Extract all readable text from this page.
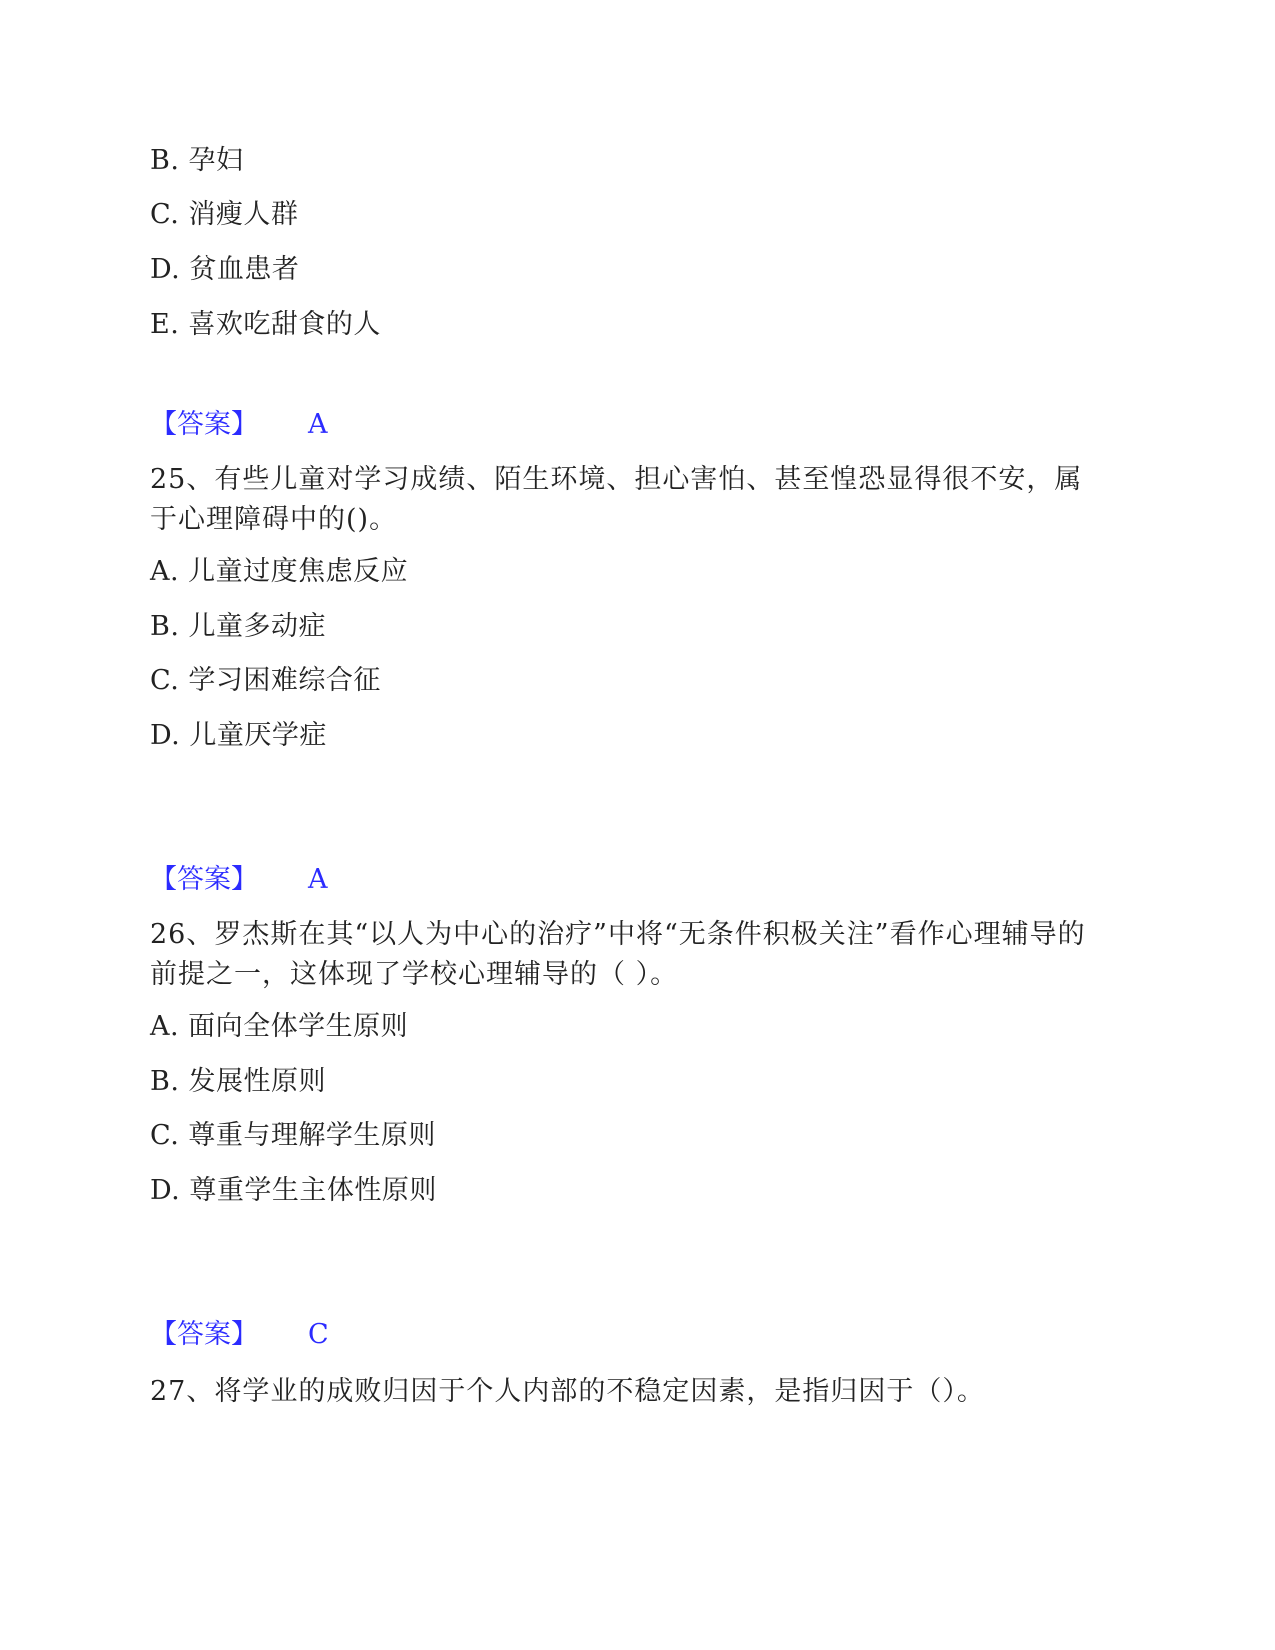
B. 孕妇
C. 消瘦人群
D. 贫血患者
E. 喜欢吃甜食的人
【答案】 A
25、有些儿童对学习成绩、陌生环境、担心害怕、甚至惶恐显得很不安，属于心理障碍中的()。
A. 儿童过度焦虑反应
B. 儿童多动症
C. 学习困难综合征
D. 儿童厌学症
【答案】 A
26、罗杰斯在其“以人为中心的治疗”中将“无条件积极关注”看作心理辅导的前提之一，这体现了学校心理辅导的（ ）。
A. 面向全体学生原则
B. 发展性原则
C. 尊重与理解学生原则
D. 尊重学生主体性原则
【答案】 C
27、将学业的成败归因于个人内部的不稳定因素，是指归因于（）。
